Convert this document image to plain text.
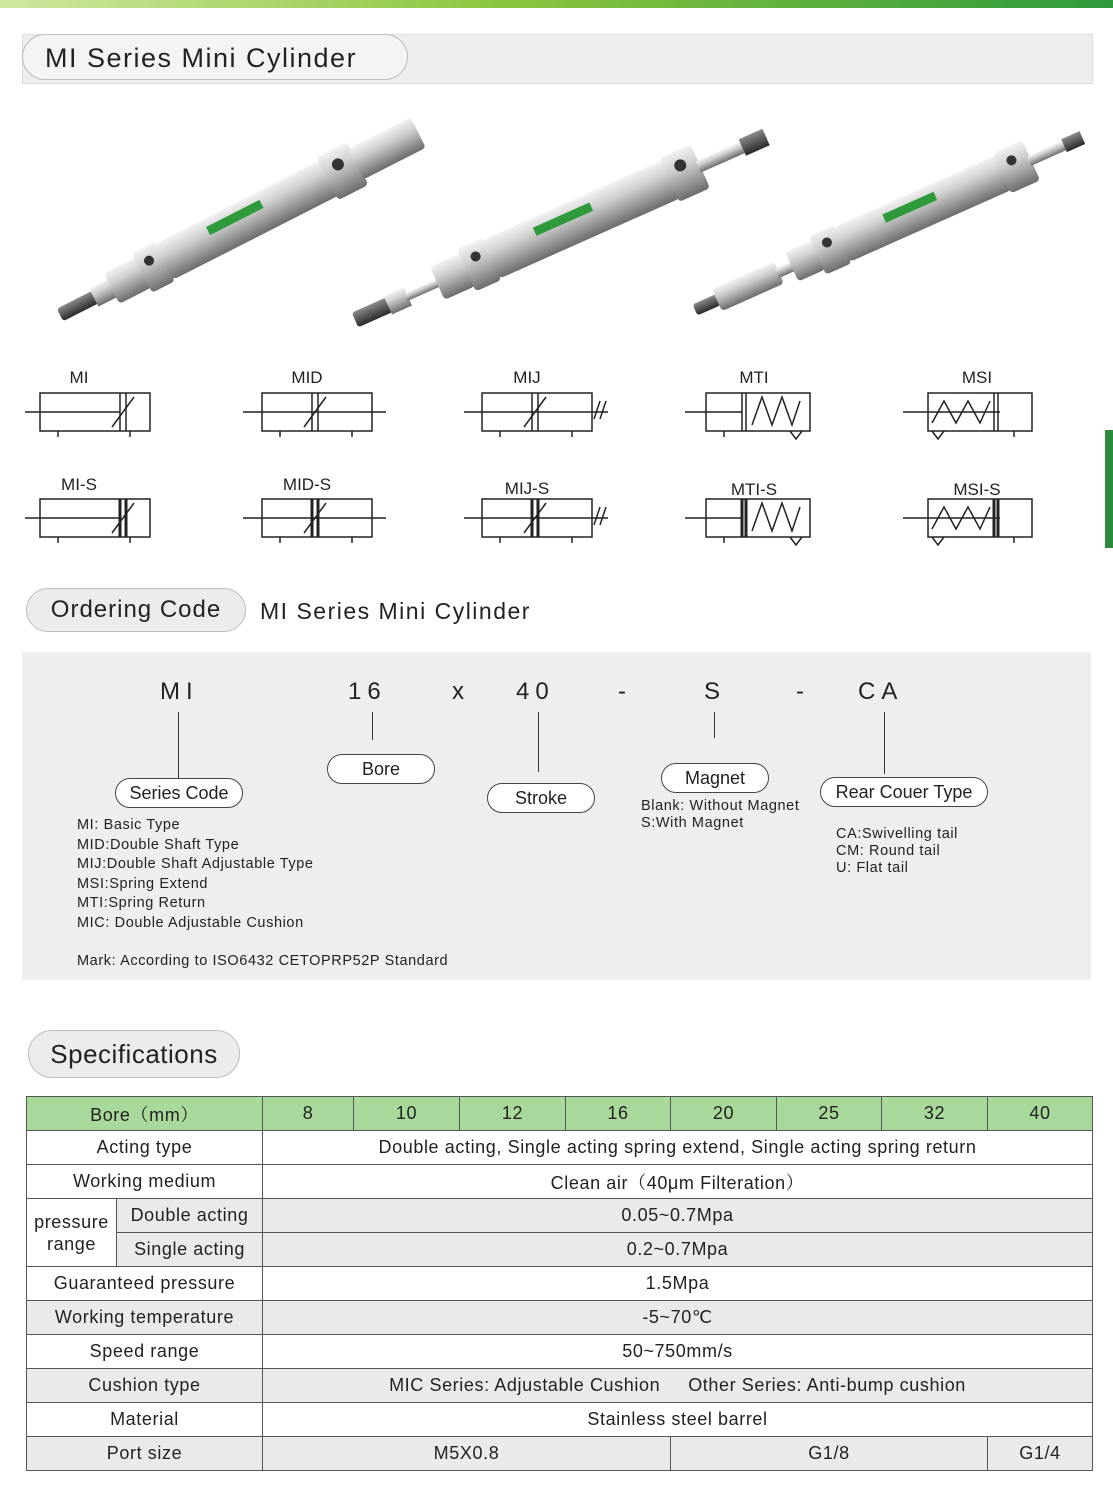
MI Series Mini Cylinder
MI	MID	MIJ	MTI	MSI
MI-S	MID-S	MIJ-S	MTI-S	MSI-S
Ordering Code	MI Series Mini Cylinder
MI	16	x 40	-	S	- CA
Series Code
Bore
Stroke
Magnet
Rear Couer Type
MI: Basic Type
MID:Double Shaft Type
MIJ:Double Shaft Adjustable Type
MSI:Spring Extend
MTI:Spring Return
MIC: Double Adjustable Cushion
Blank: Without Magnet
S:With Magnet
CA:Swivelling tail
CM: Round tail
U: Flat tail
Mark: According to ISO6432 CETOPRP52P Standard
Specifications
Bore（mm）		8	10	12	16	20	25	32	40
Acting type		Double acting, Single acting spring extend, Single acting spring return							
Working medium		Clean air（40μm Filteration）							
pressure range	Double acting	0.05~0.7Mpa							
	Single acting	0.2~0.7Mpa							
Guaranteed pressure		1.5Mpa							
Working temperature		-5~70℃							
Speed range		50~750mm/s							
Cushion type		MIC Series: Adjustable Cushion     Other Series: Anti-bump cushion							
Material		Stainless steel barrel							
Port size		M5X0.8				G1/8			G1/4
